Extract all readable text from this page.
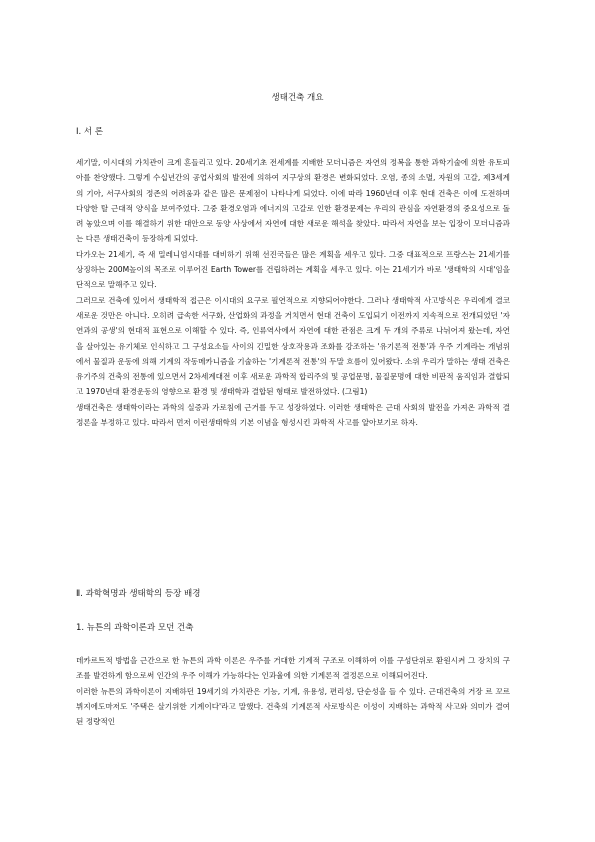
생태건축 개요
Ⅰ. 서 론

세기말, 이시대의 가치관이 크게 흔들리고 있다. 20세기초 전세계를 지배한 모더니즘은 자연의 정복을 통한 과학기술에 의한 유토피아를 찬양했다. 그렇게 수십년간의 공업사회의 발전에 의하여 지구상의 환경은 변화되었다. 오염, 종의 소멸, 자원의 고갈, 제3세계의 기아, 서구사회의 정존의 어려움과 같은 많은 문제점이 나타나게 되었다. 이에 따라 1960년대 이후 현대 건축은 이에 도전하며 다양한 탈 근대적 양식을 보여주었다. 그중 환경오염과 에너지의 고갈로 인한 환경문제는 우리의 관심을 자연환경의 중요성으로 돌려 놓았으며 이를 해결하기 위한 대안으로 동양 사상에서 자연에 대한 새로운 해석을 찾았다. 따라서 자연을 보는 입장이 모더니즘과는 다른 생태건축이 등장하게 되었다.

다가오는 21세기, 즉 새 밀레니엄시대를 대비하기 위해 선진국들은 많은 계획을 세우고 있다. 그중 대표적으로 프랑스는 21세기를 상징하는 200M높이의 목조로 이루어진 Earth Tower를 건립하려는 계획을 세우고 있다. 이는 21세기가 바로 '생태학의 시대'임을 단적으로 말해주고 있다.

그러므로 건축에 있어서 생태학적 접근은 이시대의 요구로 필연적으로 지향되어야한다. 그러나 생태학적 사고방식은 우리에게 결코 새로운 것만은 아니다. 오히려 급속한 서구화, 산업화의 과정을 거치면서 현대 건축이 도입되기 이전까지 지속적으로 전개되었던 '자연과의 공생'의 현대적 표현으로 이해할 수 있다. 즉, 인류역사에서 자연에 대한 관점은 크게 두 개의 주류로 나뉘어져 왔는데, 자연을 살아있는 유기체로 인식하고 그 구성요소들 사이의 긴밀한 상호작용과 조화를 강조하는 '유기론적 전통'과 우주 기계라는 개념위에서 물질과 운동에 의해 기계의 작동메카니즘을 기술하는 '기계론적 전통'의 두말 흐름이 있어왔다. 소위 우리가 말하는 생태 건축은 유기주의 건축의 전통에 있으면서 2차세계대전 이후 새로운 과학적 합리주의 및 공업문명, 물질문명에 대한 비판적 움직임과 결합되고 1970년대 환경운동의 영향으로 환경 및 생태학과 결합된 형태로 발전하였다. (그림1)

생태건축은 생태학이라는 과학의 실증과 가로침에 근거를 두고 성장하였다. 이러한 생태학은 근대 사회의 발전을 가져온 과학적 결정론을 부정하고 있다. 따라서 먼저 이런생태학의 기본 이념을 형성시킨 과학적 사고를 알아보기로 하자.

Ⅱ. 과학혁명과 생태학의 등장 배경
1. 뉴튼의 과학이론과 모던 건축

데카르트적 방법을 근간으로 한 뉴튼의 과학 이론은 우주를 거대한 기계적 구조로 이해하여 이를 구성단위로 환원시켜 그 장치의 구조를 발견하게 함으로써 인간의 우주 이해가 가능하다는 인과율에 의한 기계론적 결정론으로 이해되어진다.

이러한 뉴튼의 과학이론이 지배하던 19세기의 가치관은 기능, 기계, 유용성, 편리성, 단순성을 들 수 있다. 근대건축의 거장 르 꼬르뷔지에도마저도 '주택은 살기위한 기계이다'라고 말했다. 건축의 기계론적 사로방식은 이성이 지배하는 과학적 사고와 의미가 결여된 정량적인
